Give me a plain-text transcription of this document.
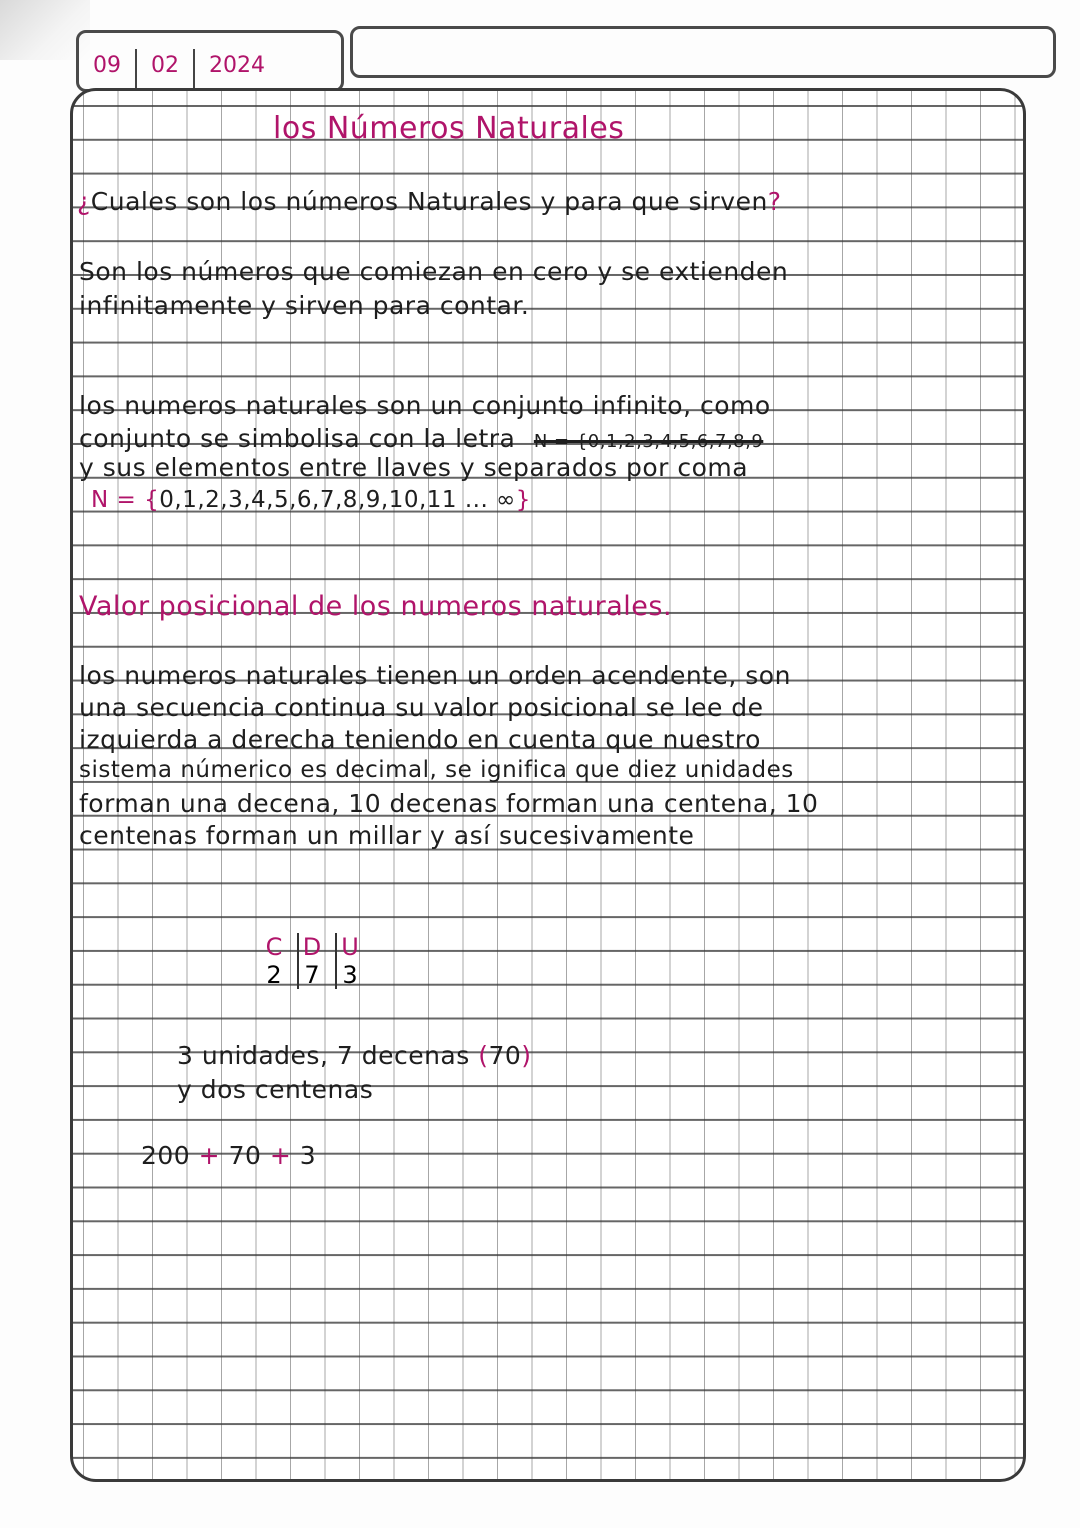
09	02	2024
los Números Naturales
¿Cuales son los números Naturales y para que sirven?
Son los números que comiezan en cero y se extienden
infinitamente y sirven para contar.
los numeros naturales son un conjunto infinito, como
conjunto se simbolisa con la letra N = {0,1,2,3,4,5,6,7,8,9
y sus elementos entre llaves y separados por coma
N = {0,1,2,3,4,5,6,7,8,9,10,11 ... ∞}
Valor posicional de los numeros naturales.
los numeros naturales tienen un orden acendente, son
una secuencia continua su valor posicional se lee de
izquierda a derecha teniendo en cuenta que nuestro
sistema númerico es decimal, se ignifica que diez unidades
forman una decena, 10 decenas forman una centena, 10
centenas forman un millar y así sucesivamente
C D U
2 7 3
3 unidades, 7 decenas (70)
y dos centenas
200 + 70 + 3
